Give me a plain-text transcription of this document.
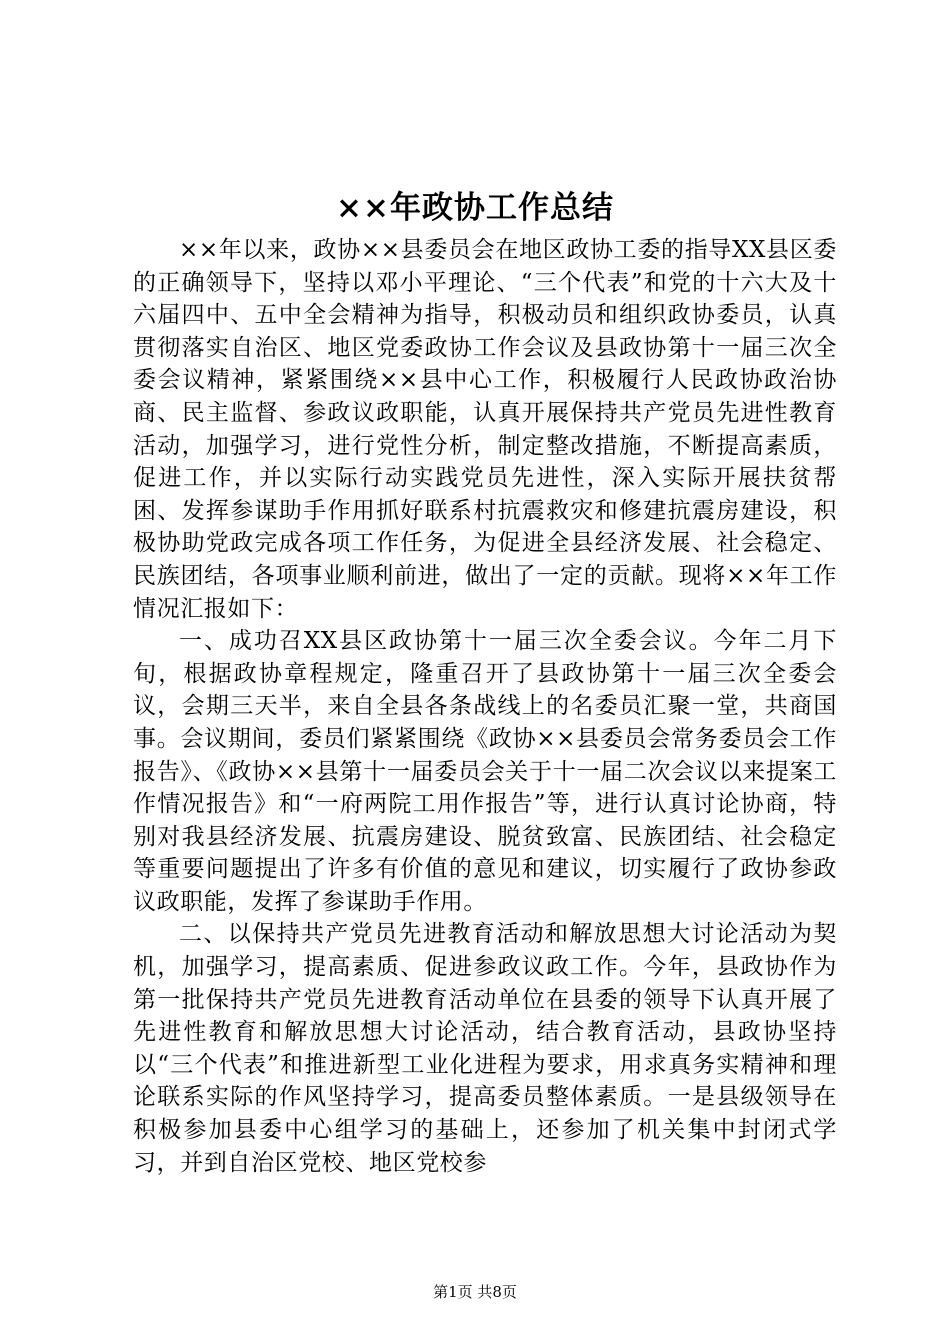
××年政协工作总结

××年以来，政协××县委员会在地区政协工委的指导XX县区委的正确领导下，坚持以邓小平理论、“三个代表”和党的十六大及十六届四中、五中全会精神为指导，积极动员和组织政协委员，认真贯彻落实自治区、地区党委政协工作会议及县政协第十一届三次全委会议精神，紧紧围绕××县中心工作，积极履行人民政协政治协商、民主监督、参政议政职能，认真开展保持共产党员先进性教育活动，加强学习，进行党性分析，制定整改措施，不断提高素质，促进工作，并以实际行动实践党员先进性，深入实际开展扶贫帮困、发挥参谋助手作用抓好联系村抗震救灾和修建抗震房建设，积极协助党政完成各项工作任务，为促进全县经济发展、社会稳定、民族团结，各项事业顺利前进，做出了一定的贡献。现将××年工作情况汇报如下：

一、成功召XX县区政协第十一届三次全委会议。今年二月下旬，根据政协章程规定，隆重召开了县政协第十一届三次全委会议，会期三天半，来自全县各条战线上的名委员汇聚一堂，共商国事。会议期间，委员们紧紧围绕《政协××县委员会常务委员会工作报告》、《政协××县第十一届委员会关于十一届二次会议以来提案工作情况报告》和“一府两院工用作报告”等，进行认真讨论协商，特别对我县经济发展、抗震房建设、脱贫致富、民族团结、社会稳定等重要问题提出了许多有价值的意见和建议，切实履行了政协参政议政职能，发挥了参谋助手作用。

二、以保持共产党员先进教育活动和解放思想大讨论活动为契机，加强学习，提高素质、促进参政议政工作。今年，县政协作为第一批保持共产党员先进教育活动单位在县委的领导下认真开展了先进性教育和解放思想大讨论活动，结合教育活动，县政协坚持以“三个代表”和推进新型工业化进程为要求，用求真务实精神和理论联系实际的作风坚持学习，提高委员整体素质。一是县级领导在积极参加县委中心组学习的基础上，还参加了机关集中封闭式学习，并到自治区党校、地区党校参

第1页 共8页
